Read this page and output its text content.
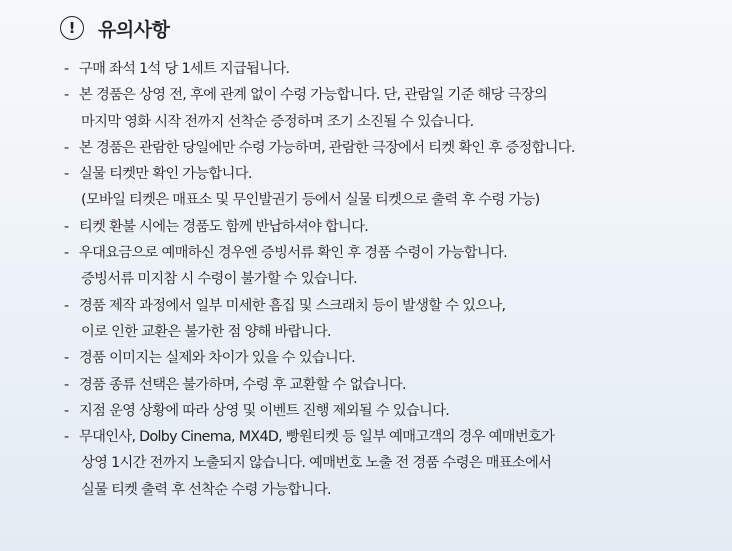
!	유의사항
- 구매 좌석 1석 당 1세트 지급됩니다.
- 본 경품은 상영 전, 후에 관계 없이 수령 가능합니다. 단, 관람일 기준 해당 극장의
마지막 영화 시작 전까지 선착순 증정하며 조기 소진될 수 있습니다.
- 본 경품은 관람한 당일에만 수령 가능하며, 관람한 극장에서 티켓 확인 후 증정합니다.
- 실물 티켓만 확인 가능합니다.
(모바일 티켓은 매표소 및 무인발권기 등에서 실물 티켓으로 출력 후 수령 가능)
- 티켓 환불 시에는 경품도 함께 반납하셔야 합니다.
- 우대요금으로 예매하신 경우엔 증빙서류 확인 후 경품 수령이 가능합니다.
증빙서류 미지참 시 수령이 불가할 수 있습니다.
- 경품 제작 과정에서 일부 미세한 흠집 및 스크래치 등이 발생할 수 있으나,
이로 인한 교환은 불가한 점 양해 바랍니다.
- 경품 이미지는 실제와 차이가 있을 수 있습니다.
- 경품 종류 선택은 불가하며, 수령 후 교환할 수 없습니다.
- 지점 운영 상황에 따라 상영 및 이벤트 진행 제외될 수 있습니다.
- 무대인사, Dolby Cinema, MX4D, 빵원티켓 등 일부 예매고객의 경우 예매번호가
상영 1시간 전까지 노출되지 않습니다. 예매번호 노출 전 경품 수령은 매표소에서
실물 티켓 출력 후 선착순 수령 가능합니다.
